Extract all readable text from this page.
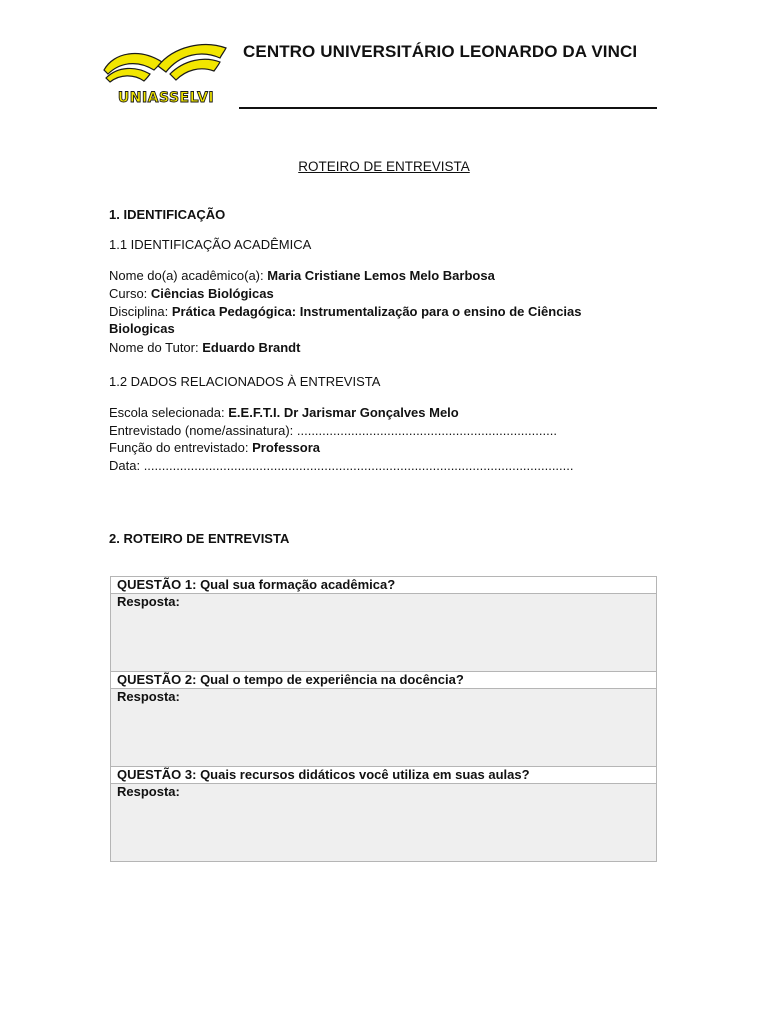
UNIASSELVI
CENTRO UNIVERSITÁRIO LEONARDO DA VINCI
ROTEIRO DE ENTREVISTA
1. IDENTIFICAÇÃO
1.1 IDENTIFICAÇÃO ACADÊMICA
Nome do(a) acadêmico(a): Maria Cristiane Lemos Melo Barbosa
Curso: Ciências Biológicas
Disciplina: Prática Pedagógica: Instrumentalização para o ensino de Ciências Biologicas
Nome do Tutor: Eduardo Brandt
1.2 DADOS RELACIONADOS À ENTREVISTA
Escola selecionada: E.E.F.T.I. Dr Jarismar Gonçalves Melo
Entrevistado (nome/assinatura): ........................................................................
Função do entrevistado: Professora
Data: .......................................................................................................................
2. ROTEIRO DE ENTREVISTA
QUESTÃO 1: Qual sua formação acadêmica?
Resposta:
QUESTÃO 2: Qual o tempo de experiência na docência?
Resposta:
QUESTÃO 3: Quais recursos didáticos você utiliza em suas aulas?
Resposta:
